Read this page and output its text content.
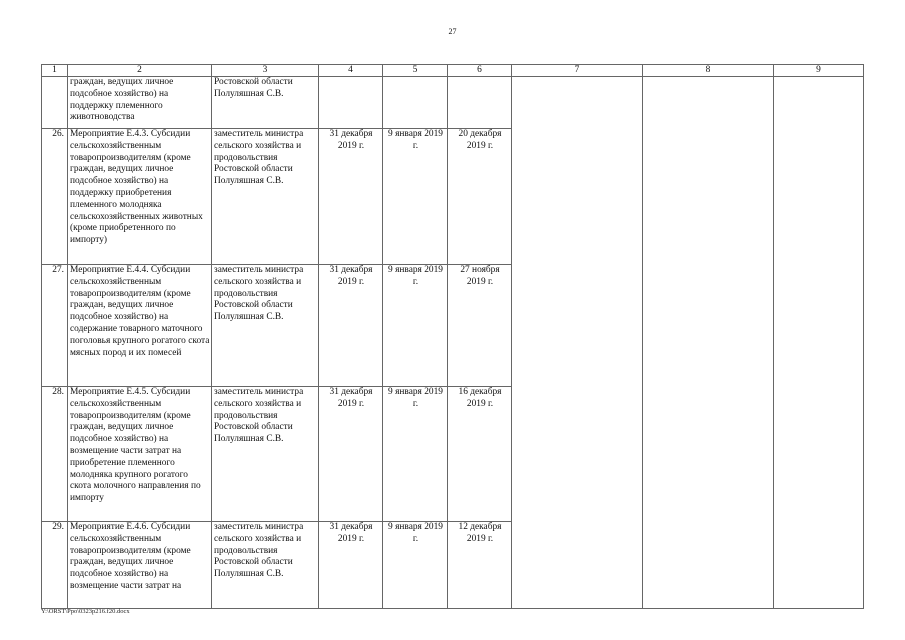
27
1	2	3	4	5	6	7	8	9
	граждан, ведущих личное подсобное хозяйство) на поддержку племенного животноводства	Ростовской области Полуляшная С.В.						
26.	Мероприятие Е.4.3. Субсидии сельскохозяйственным товаропроизводителям (кроме граждан, ведущих личное подсобное хозяйство) на поддержку приобретения племенного молодняка сельскохозяйственных животных (кроме приобретенного по импорту)	заместитель министра сельского хозяйства и продовольствия Ростовской области Полуляшная С.В.	31 декабря 2019 г.	9 января 2019 г.	20 декабря 2019 г.			
27.	Мероприятие Е.4.4. Субсидии сельскохозяйственным товаропроизводителям (кроме граждан, ведущих личное подсобное хозяйство) на содержание товарного маточного поголовья крупного рогатого скота мясных пород и их помесей	заместитель министра сельского хозяйства и продовольствия Ростовской области Полуляшная С.В.	31 декабря 2019 г.	9 января 2019 г.	27 ноября 2019 г.			
28.	Мероприятие Е.4.5. Субсидии сельскохозяйственным товаропроизводителям (кроме граждан, ведущих личное подсобное хозяйство) на возмещение части затрат на приобретение племенного молодняка крупного рогатого скота молочного направления по импорту	заместитель министра сельского хозяйства и продовольствия Ростовской области Полуляшная С.В.	31 декабря 2019 г.	9 января 2019 г.	16 декабря 2019 г.			
29.	Мероприятие Е.4.6. Субсидии сельскохозяйственным товаропроизводителям (кроме граждан, ведущих личное подсобное хозяйство) на возмещение части затрат на	заместитель министра сельского хозяйства и продовольствия Ростовской области Полуляшная С.В.	31 декабря 2019 г.	9 января 2019 г.	12 декабря 2019 г.			
Y:\ORST\Ppo\0323p216.f20.docx
